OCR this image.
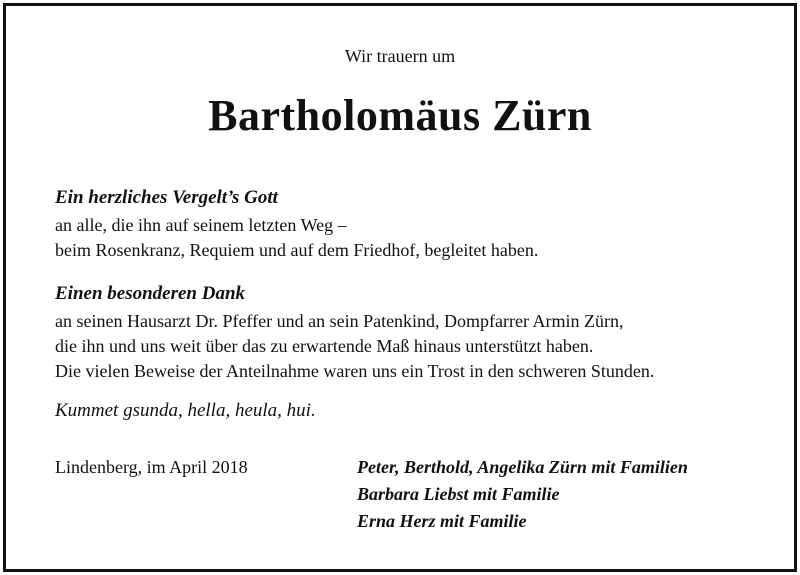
Wir trauern um
Bartholomäus Zürn
Ein herzliches Vergelt’s Gott
an alle, die ihn auf seinem letzten Weg –
beim Rosenkranz, Requiem und auf dem Friedhof, begleitet haben.
Einen besonderen Dank
an seinen Hausarzt Dr. Pfeffer und an sein Patenkind, Dompfarrer Armin Zürn,
die ihn und uns weit über das zu erwartende Maß hinaus unterstützt haben.
Die vielen Beweise der Anteilnahme waren uns ein Trost in den schweren Stunden.
Kummet gsunda, hella, heula, hui.
Lindenberg, im April 2018	Peter, Berthold, Angelika Zürn mit Familien
Barbara Liebst mit Familie
Erna Herz mit Familie
